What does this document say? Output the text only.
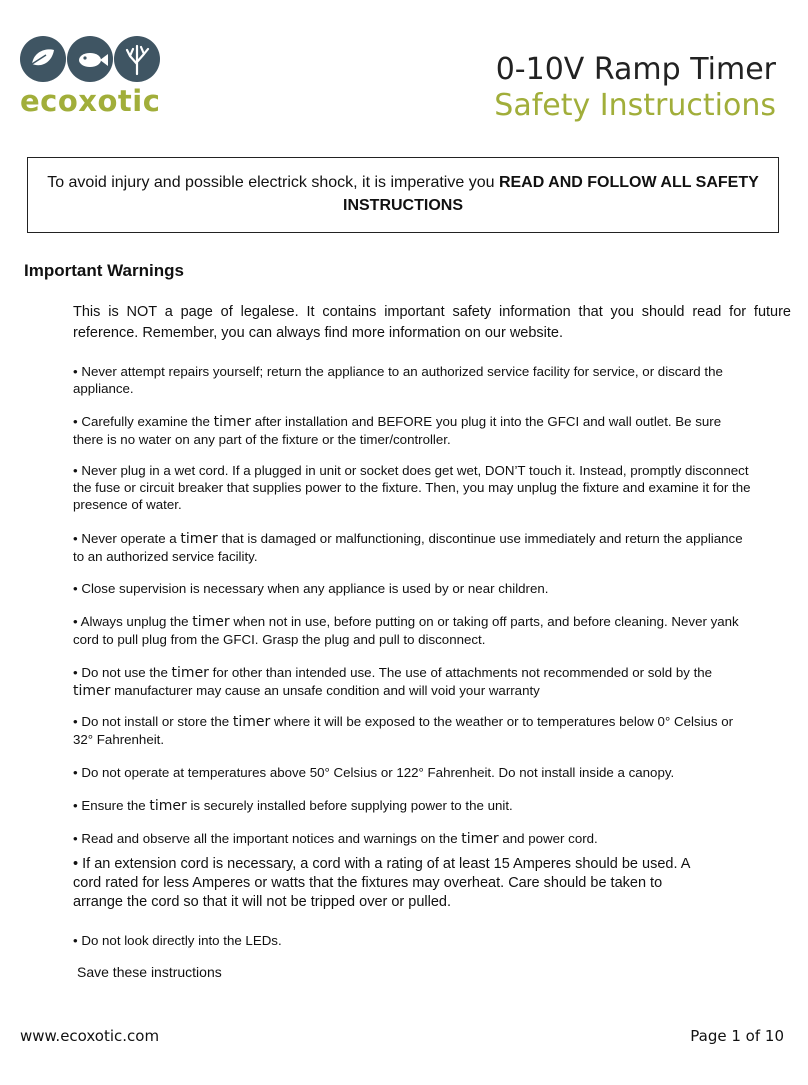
ecoxotic
0-10V Ramp Timer
Safety Instructions
To avoid injury and possible electrick shock, it is imperative you READ AND FOLLOW ALL SAFETY INSTRUCTIONS
Important Warnings
This is NOT a page of legalese. It contains important safety information that you should read for future reference. Remember, you can always find more information on our website.
• Never attempt repairs yourself; return the appliance to an authorized service facility for service, or discard the appliance.
• Carefully examine the timer after installation and BEFORE you plug it into the GFCI and wall outlet. Be sure there is no water on any part of the fixture or the timer/controller.
• Never plug in a wet cord. If a plugged in unit or socket does get wet, DON’T touch it. Instead, promptly disconnect the fuse or circuit breaker that supplies power to the fixture. Then, you may unplug the fixture and examine it for the presence of water.
• Never operate a timer that is damaged or malfunctioning, discontinue use immediately and return the appliance to an authorized service facility.
• Close supervision is necessary when any appliance is used by or near children.
• Always unplug the timer when not in use, before putting on or taking off parts, and before cleaning. Never yank cord to pull plug from the GFCI. Grasp the plug and pull to disconnect.
• Do not use the timer for other than intended use. The use of attachments not recommended or sold by the timer manufacturer may cause an unsafe condition and will void your warranty
• Do not install or store the timer where it will be exposed to the weather or to temperatures below 0° Celsius or 32° Fahrenheit.
• Do not operate at temperatures above 50° Celsius or 122° Fahrenheit. Do not install inside a canopy.
• Ensure the timer is securely installed before supplying power to the unit.
• Read and observe all the important notices and warnings on the timer and power cord.
• If an extension cord is necessary, a cord with a rating of at least 15 Amperes should be used. A cord rated for less Amperes or watts that the fixtures may overheat. Care should be taken to arrange the cord so that it will not be tripped over or pulled.
• Do not look directly into the LEDs.
Save these instructions
www.ecoxotic.com	Page 1 of 10
